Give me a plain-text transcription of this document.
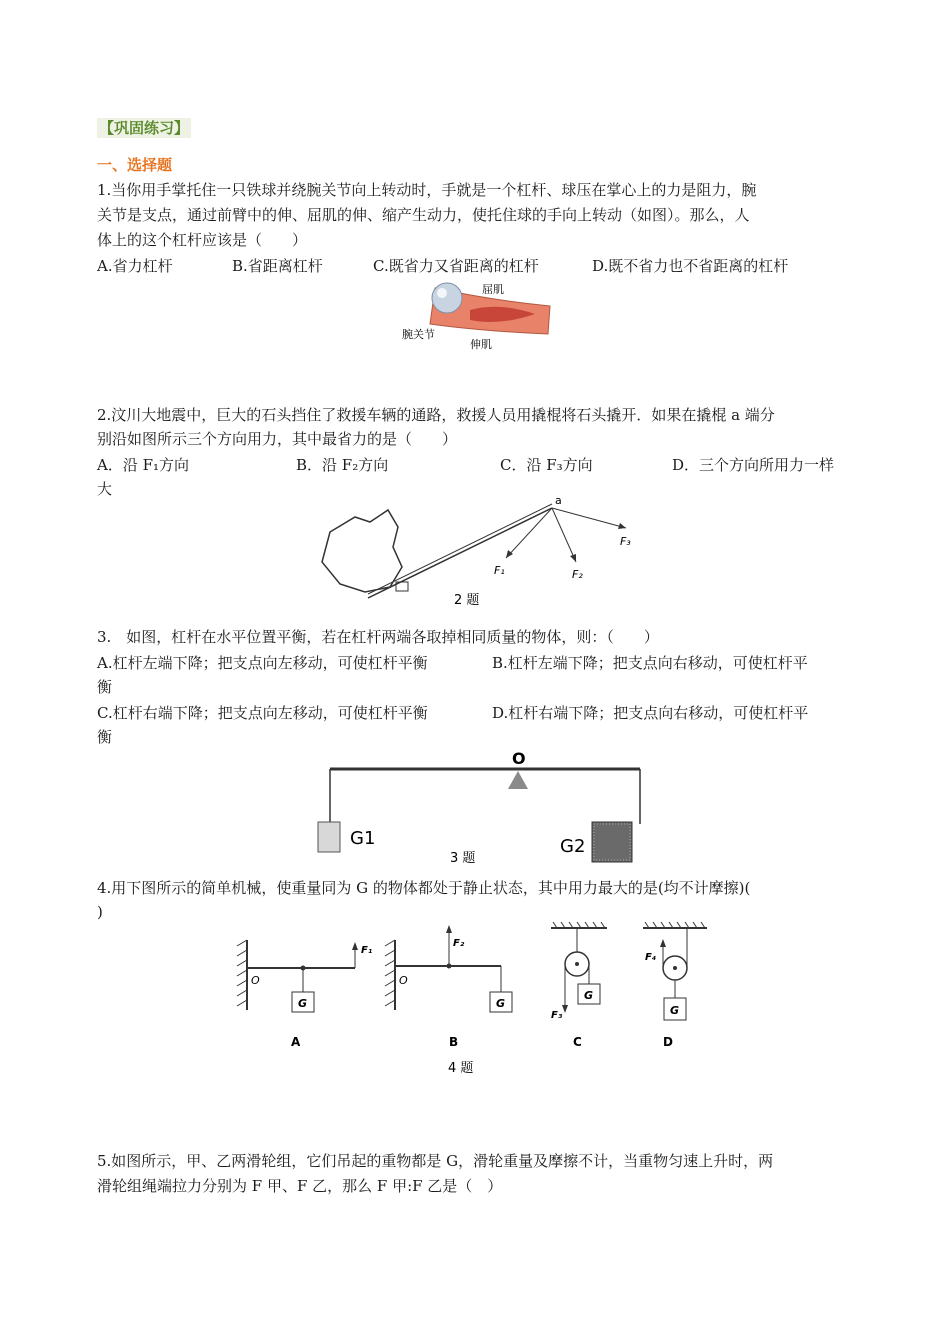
【巩固练习】
一、选择题
1.当你用手掌托住一只铁球并绕腕关节向上转动时，手就是一个杠杆、球压在掌心上的力是阻力，腕
关节是支点，通过前臂中的伸、屈肌的伸、缩产生动力，使托住球的手向上转动（如图）。那么，人
体上的这个杠杆应该是（　　）
A.省力杠杆	B.省距离杠杆	C.既省力又省距离的杠杆	D.既不省力也不省距离的杠杆
屈肌
腕关节
伸肌
2.汶川大地震中，巨大的石头挡住了救援车辆的通路，救援人员用撬棍将石头撬开．如果在撬棍 a 端分
别沿如图所示三个方向用力，其中最省力的是（　　）
A．沿 F₁方向	B．沿 F₂方向	C．沿 F₃方向	D．三个方向所用力一样
大
a
F₁	F₂
F₃
2 题
3.　如图，杠杆在水平位置平衡，若在杠杆两端各取掉相同质量的物体，则：（　　）
A.杠杆左端下降；把支点向左移动，可使杠杆平衡	B.杠杆左端下降；把支点向右移动，可使杠杆平
衡
C.杠杆右端下降；把支点向左移动，可使杠杆平衡	D.杠杆右端下降；把支点向右移动，可使杠杆平
衡
O
G1	G2
3 题
4.用下图所示的简单机械，使重量同为 G 的物体都处于静止状态，其中用力最大的是(均不计摩擦)(
)
G
O
F₁
A
G
O
F₂
B
G
F₃
C
G
F₄
D
4 题
5.如图所示，甲、乙两滑轮组，它们吊起的重物都是 G，滑轮重量及摩擦不计，当重物匀速上升时，两
滑轮组绳端拉力分别为 F 甲、F 乙，那么 F 甲:F 乙是（　）
